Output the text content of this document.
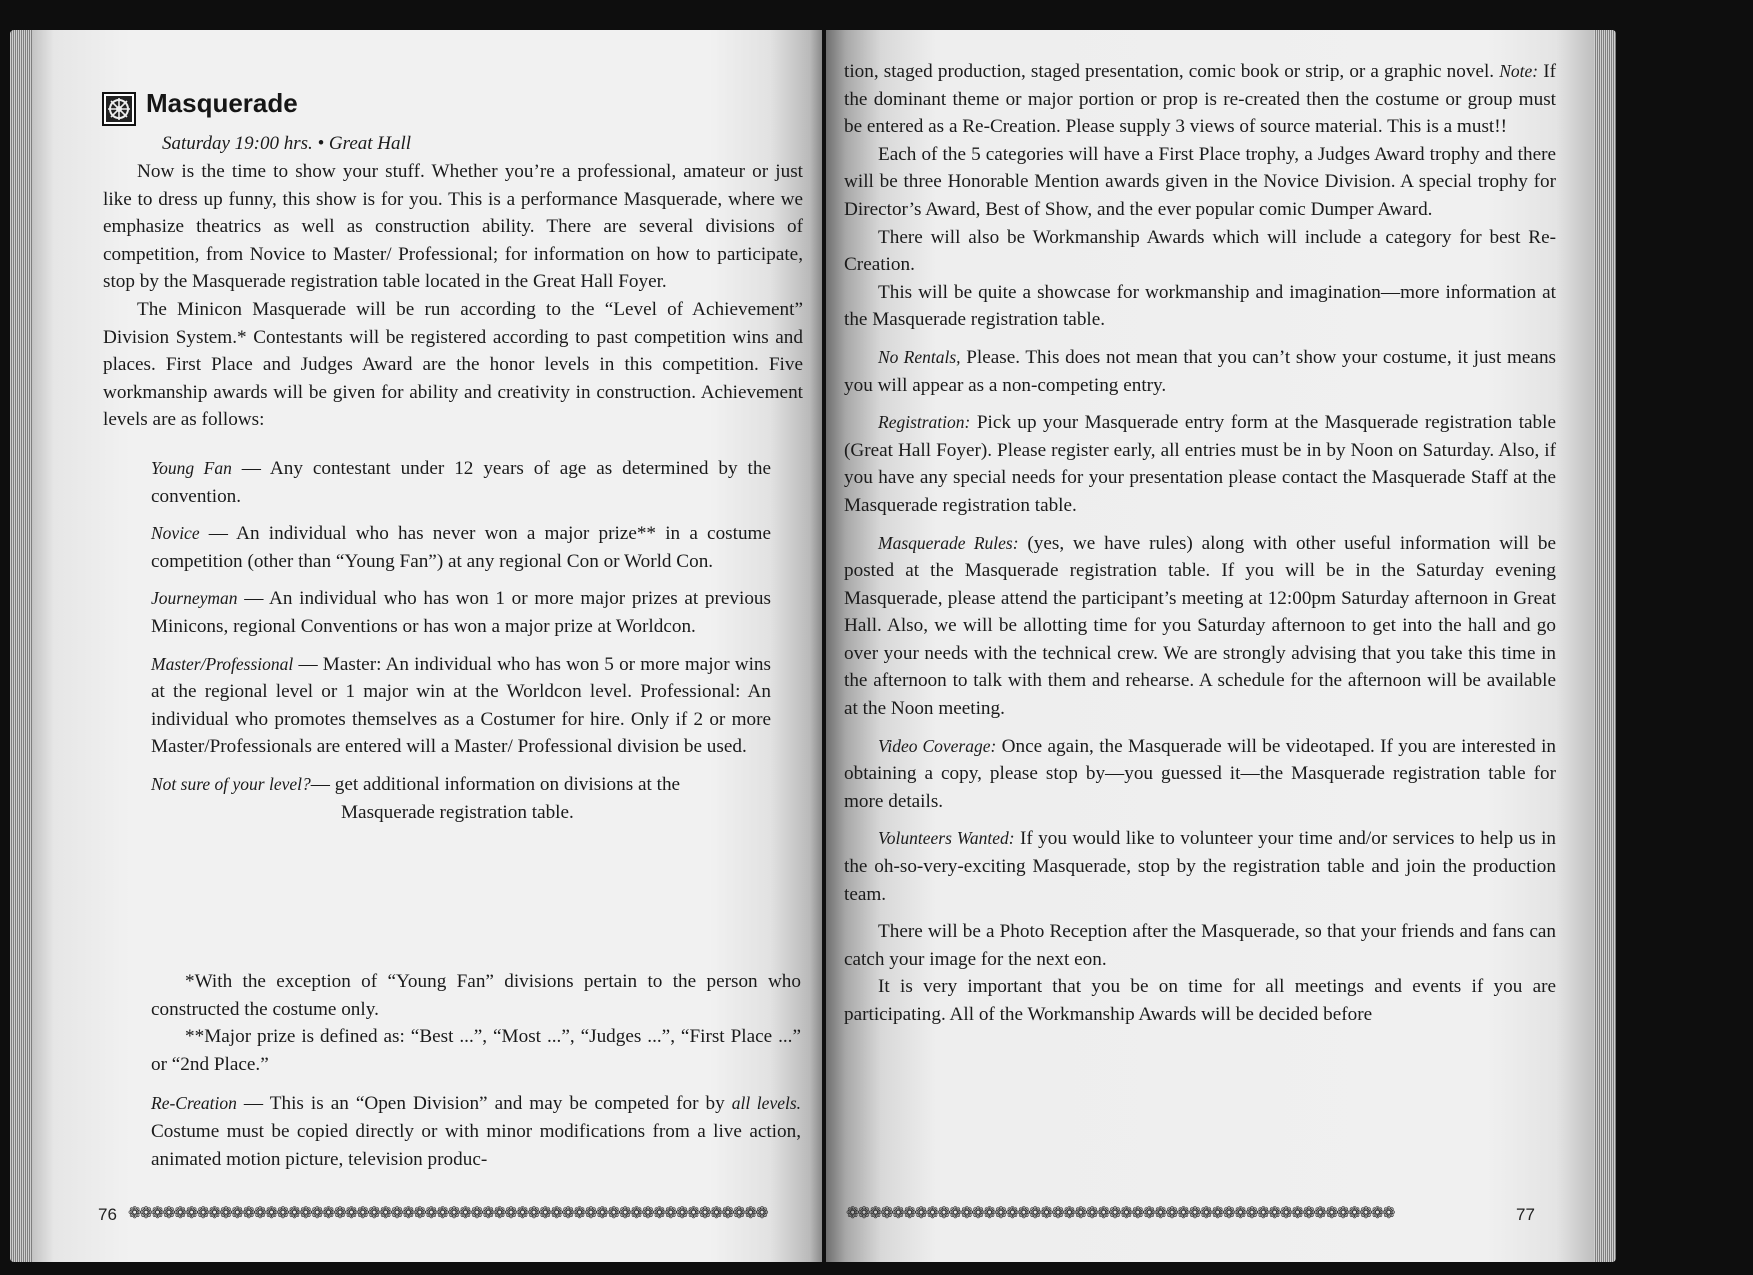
Masquerade
Saturday 19:00 hrs. • Great Hall

Now is the time to show your stuff. Whether you’re a professional, amateur or just like to dress up funny, this show is for you. This is a performance Masquerade, where we emphasize theatrics as well as construction ability. There are several divisions of competition, from Novice to Master/ Professional; for information on how to participate, stop by the Masquerade registration table located in the Great Hall Foyer.

The Minicon Masquerade will be run according to the “Level of Achievement” Division System.* Contestants will be registered according to past competition wins and places. First Place and Judges Award are the honor levels in this competition. Five workmanship awards will be given for ability and creativity in construction. Achievement levels are as follows:

Young Fan — Any contestant under 12 years of age as determined by the convention.

Novice — An individual who has never won a major prize** in a costume competition (other than “Young Fan”) at any regional Con or World Con.

Journeyman — An individual who has won 1 or more major prizes at previous Minicons, regional Conventions or has won a major prize at Worldcon.

Master/Professional — Master: An individual who has won 5 or more major wins at the regional level or 1 major win at the Worldcon level. Professional: An individual who promotes themselves as a Costumer for hire. Only if 2 or more Master/Professionals are entered will a Master/ Professional division be used.

Not sure of your level?— get additional information on divisions at the
Masquerade registration table.

*With the exception of “Young Fan” divisions pertain to the person who constructed the costume only.

**Major prize is defined as: “Best ...”, “Most ...”, “Judges ...”, “First Place ...” or “2nd Place.”

Re-Creation — This is an “Open Division” and may be competed for by all levels. Costume must be copied directly or with minor modifications from a live action, animated motion picture, television produc-

76 ❁❁❁❁❁❁❁❁❁❁❁❁❁❁❁❁❁❁❁❁❁❁❁❁❁❁❁❁❁❁❁❁❁❁❁❁❁❁❁❁❁❁❁❁❁❁❁❁❁❁❁❁❁❁❁❁

tion, staged production, staged presentation, comic book or strip, or a graphic novel. Note: If the dominant theme or major portion or prop is re-created then the costume or group must be entered as a Re-Creation. Please supply 3 views of source material. This is a must!!

Each of the 5 categories will have a First Place trophy, a Judges Award trophy and there will be three Honorable Mention awards given in the Novice Division. A special trophy for Director’s Award, Best of Show, and the ever popular comic Dumper Award.

There will also be Workmanship Awards which will include a category for best Re-Creation.

This will be quite a showcase for workmanship and imagination—more information at the Masquerade registration table.

No Rentals, Please. This does not mean that you can’t show your costume, it just means you will appear as a non-competing entry.

Registration: Pick up your Masquerade entry form at the Masquerade registration table (Great Hall Foyer). Please register early, all entries must be in by Noon on Saturday. Also, if you have any special needs for your presentation please contact the Masquerade Staff at the Masquerade registration table.

Masquerade Rules: (yes, we have rules) along with other useful information will be posted at the Masquerade registration table. If you will be in the Saturday evening Masquerade, please attend the participant’s meeting at 12:00pm Saturday afternoon in Great Hall. Also, we will be allotting time for you Saturday afternoon to get into the hall and go over your needs with the technical crew. We are strongly advising that you take this time in the afternoon to talk with them and rehearse. A schedule for the afternoon will be available at the Noon meeting.

Video Coverage: Once again, the Masquerade will be videotaped. If you are interested in obtaining a copy, please stop by—you guessed it—the Masquerade registration table for more details.

Volunteers Wanted: If you would like to volunteer your time and/or services to help us in the oh-so-very-exciting Masquerade, stop by the registration table and join the production team.

There will be a Photo Reception after the Masquerade, so that your friends and fans can catch your image for the next eon.

It is very important that you be on time for all meetings and events if you are participating. All of the Workmanship Awards will be decided before

❁❁❁❁❁❁❁❁❁❁❁❁❁❁❁❁❁❁❁❁❁❁❁❁❁❁❁❁❁❁❁❁❁❁❁❁❁❁❁❁❁❁❁❁❁❁❁❁	77
